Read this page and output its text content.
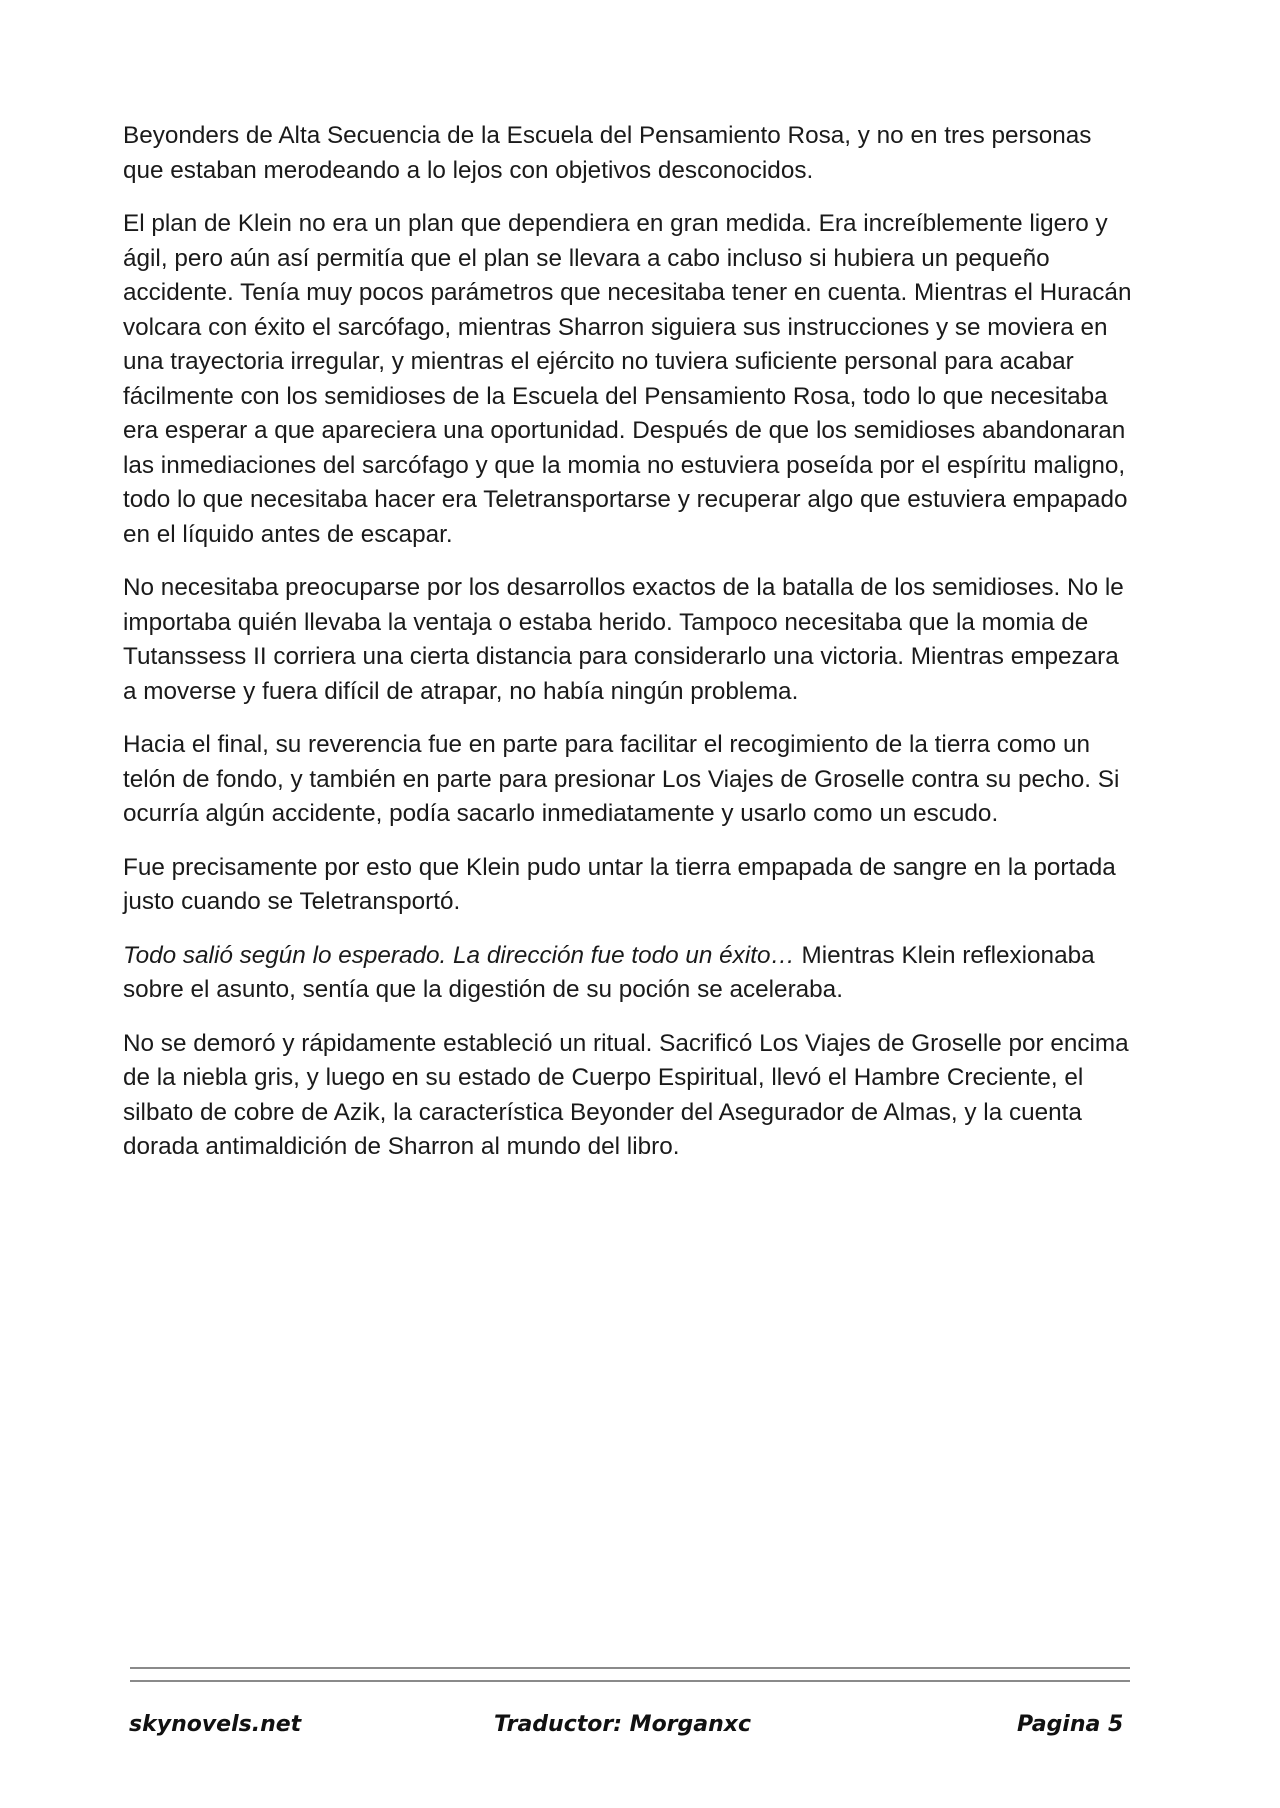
Beyonders de Alta Secuencia de la Escuela del Pensamiento Rosa, y no en tres personas que estaban merodeando a lo lejos con objetivos desconocidos.

El plan de Klein no era un plan que dependiera en gran medida. Era increíblemente ligero y ágil, pero aún así permitía que el plan se llevara a cabo incluso si hubiera un pequeño accidente. Tenía muy pocos parámetros que necesitaba tener en cuenta. Mientras el Huracán volcara con éxito el sarcófago, mientras Sharron siguiera sus instrucciones y se moviera en una trayectoria irregular, y mientras el ejército no tuviera suficiente personal para acabar fácilmente con los semidioses de la Escuela del Pensamiento Rosa, todo lo que necesitaba era esperar a que apareciera una oportunidad. Después de que los semidioses abandonaran las inmediaciones del sarcófago y que la momia no estuviera poseída por el espíritu maligno, todo lo que necesitaba hacer era Teletransportarse y recuperar algo que estuviera empapado en el líquido antes de escapar.

No necesitaba preocuparse por los desarrollos exactos de la batalla de los semidioses. No le importaba quién llevaba la ventaja o estaba herido. Tampoco necesitaba que la momia de Tutanssess II corriera una cierta distancia para considerarlo una victoria. Mientras empezara a moverse y fuera difícil de atrapar, no había ningún problema.

Hacia el final, su reverencia fue en parte para facilitar el recogimiento de la tierra como un telón de fondo, y también en parte para presionar Los Viajes de Groselle contra su pecho. Si ocurría algún accidente, podía sacarlo inmediatamente y usarlo como un escudo.

Fue precisamente por esto que Klein pudo untar la tierra empapada de sangre en la portada justo cuando se Teletransportó.

Todo salió según lo esperado. La dirección fue todo un éxito… Mientras Klein reflexionaba sobre el asunto, sentía que la digestión de su poción se aceleraba.

No se demoró y rápidamente estableció un ritual. Sacrificó Los Viajes de Groselle por encima de la niebla gris, y luego en su estado de Cuerpo Espiritual, llevó el Hambre Creciente, el silbato de cobre de Azik, la característica Beyonder del Asegurador de Almas, y la cuenta dorada antimaldición de Sharron al mundo del libro.

skynovels.net	Traductor: Morganxc	Pagina 5
